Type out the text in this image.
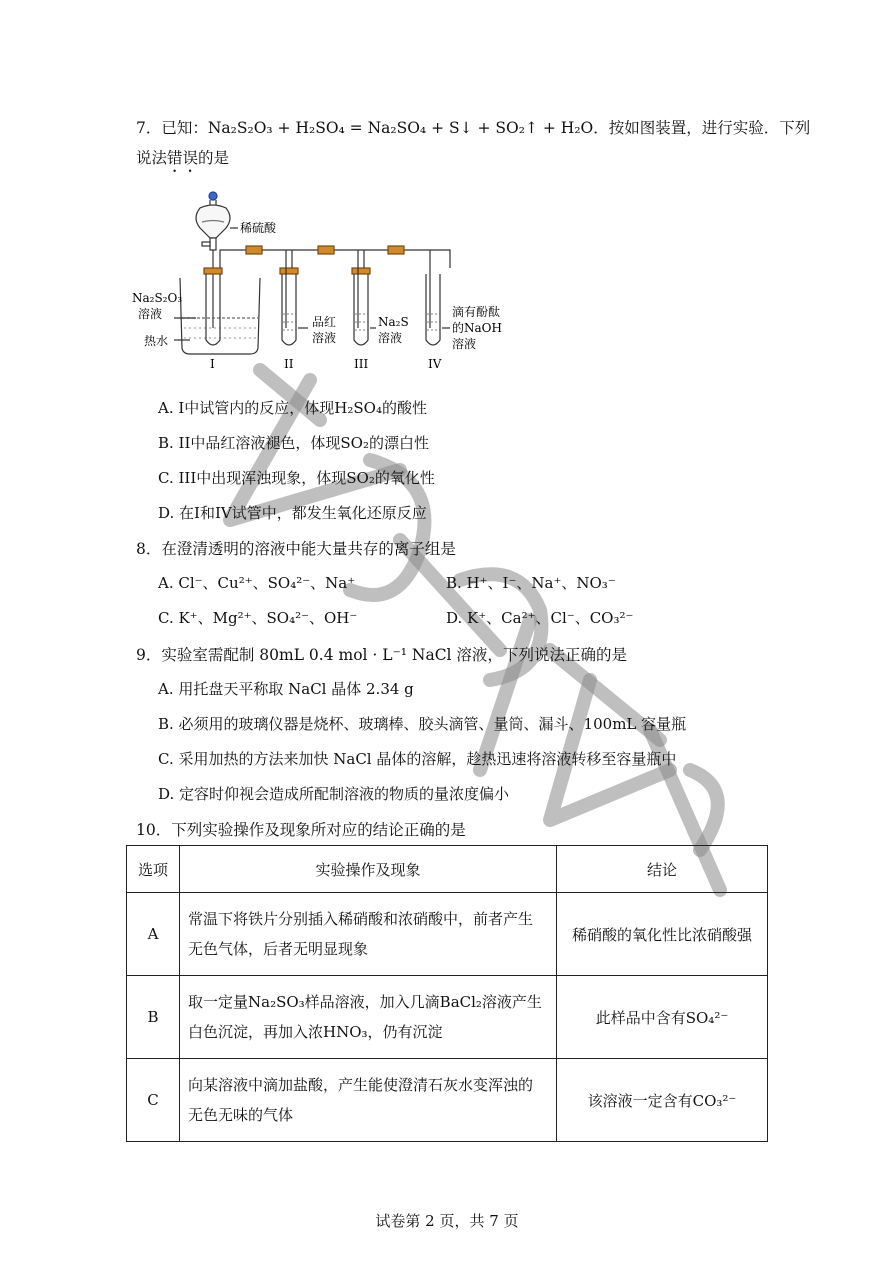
7．已知：Na₂S₂O₃ + H₂SO₄ = Na₂SO₄ + S↓ + SO₂↑ + H₂O．按如图装置，进行实验．下列
说法错误的是
稀硫酸
Na₂S₂O₃
溶液
热水
品红
溶液
Na₂S
溶液
滴有酚酞
的NaOH
溶液
I	II	III	IV
A. I中试管内的反应，体现H₂SO₄的酸性
B. II中品红溶液褪色，体现SO₂的漂白性
C. III中出现浑浊现象，体现SO₂的氧化性
D. 在I和IV试管中，都发生氧化还原反应
8．在澄清透明的溶液中能大量共存的离子组是
A. Cl⁻、Cu²⁺、SO₄²⁻、Na⁺	B. H⁺、I⁻、Na⁺、NO₃⁻
C. K⁺、Mg²⁺、SO₄²⁻、OH⁻	D. K⁺、Ca²⁺、Cl⁻、CO₃²⁻
9．实验室需配制 80mL 0.4 mol · L⁻¹ NaCl 溶液，下列说法正确的是
A. 用托盘天平称取 NaCl 晶体 2.34 g
B. 必须用的玻璃仪器是烧杯、玻璃棒、胶头滴管、量筒、漏斗、100mL 容量瓶
C. 采用加热的方法来加快 NaCl 晶体的溶解，趁热迅速将溶液转移至容量瓶中
D. 定容时仰视会造成所配制溶液的物质的量浓度偏小
10．下列实验操作及现象所对应的结论正确的是
选项	实验操作及现象	结论
A	常温下将铁片分别插入稀硝酸和浓硝酸中，前者产生
无色气体，后者无明显现象	稀硝酸的氧化性比浓硝酸强
B	取一定量Na₂SO₃样品溶液，加入几滴BaCl₂溶液产生
白色沉淀，再加入浓HNO₃，仍有沉淀	此样品中含有SO₄²⁻
C	向某溶液中滴加盐酸，产生能使澄清石灰水变浑浊的
无色无味的气体	该溶液一定含有CO₃²⁻
试卷第 2 页，共 7 页
